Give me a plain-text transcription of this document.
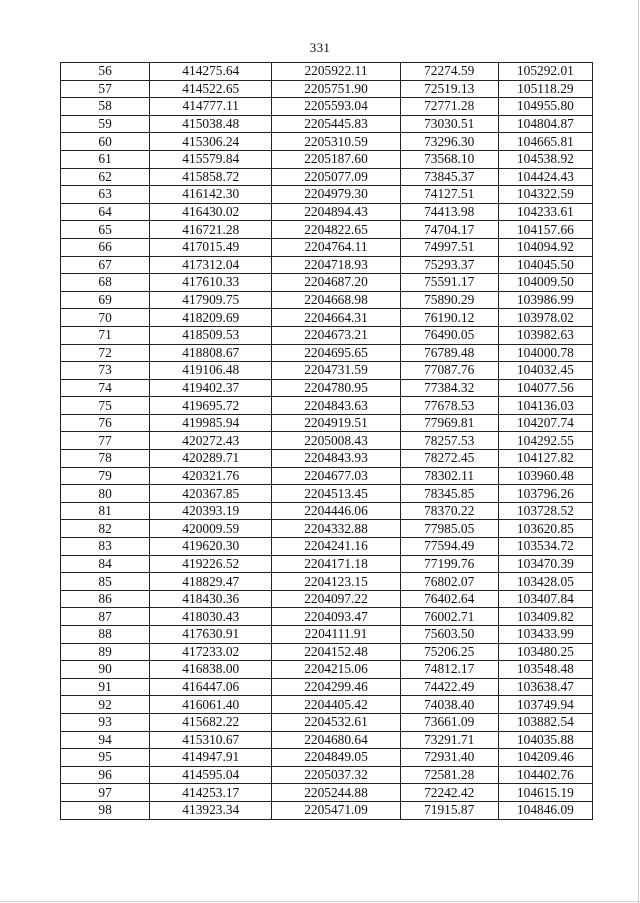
331
56	414275.64	2205922.11	72274.59	105292.01
57	414522.65	2205751.90	72519.13	105118.29
58	414777.11	2205593.04	72771.28	104955.80
59	415038.48	2205445.83	73030.51	104804.87
60	415306.24	2205310.59	73296.30	104665.81
61	415579.84	2205187.60	73568.10	104538.92
62	415858.72	2205077.09	73845.37	104424.43
63	416142.30	2204979.30	74127.51	104322.59
64	416430.02	2204894.43	74413.98	104233.61
65	416721.28	2204822.65	74704.17	104157.66
66	417015.49	2204764.11	74997.51	104094.92
67	417312.04	2204718.93	75293.37	104045.50
68	417610.33	2204687.20	75591.17	104009.50
69	417909.75	2204668.98	75890.29	103986.99
70	418209.69	2204664.31	76190.12	103978.02
71	418509.53	2204673.21	76490.05	103982.63
72	418808.67	2204695.65	76789.48	104000.78
73	419106.48	2204731.59	77087.76	104032.45
74	419402.37	2204780.95	77384.32	104077.56
75	419695.72	2204843.63	77678.53	104136.03
76	419985.94	2204919.51	77969.81	104207.74
77	420272.43	2205008.43	78257.53	104292.55
78	420289.71	2204843.93	78272.45	104127.82
79	420321.76	2204677.03	78302.11	103960.48
80	420367.85	2204513.45	78345.85	103796.26
81	420393.19	2204446.06	78370.22	103728.52
82	420009.59	2204332.88	77985.05	103620.85
83	419620.30	2204241.16	77594.49	103534.72
84	419226.52	2204171.18	77199.76	103470.39
85	418829.47	2204123.15	76802.07	103428.05
86	418430.36	2204097.22	76402.64	103407.84
87	418030.43	2204093.47	76002.71	103409.82
88	417630.91	2204111.91	75603.50	103433.99
89	417233.02	2204152.48	75206.25	103480.25
90	416838.00	2204215.06	74812.17	103548.48
91	416447.06	2204299.46	74422.49	103638.47
92	416061.40	2204405.42	74038.40	103749.94
93	415682.22	2204532.61	73661.09	103882.54
94	415310.67	2204680.64	73291.71	104035.88
95	414947.91	2204849.05	72931.40	104209.46
96	414595.04	2205037.32	72581.28	104402.76
97	414253.17	2205244.88	72242.42	104615.19
98	413923.34	2205471.09	71915.87	104846.09
